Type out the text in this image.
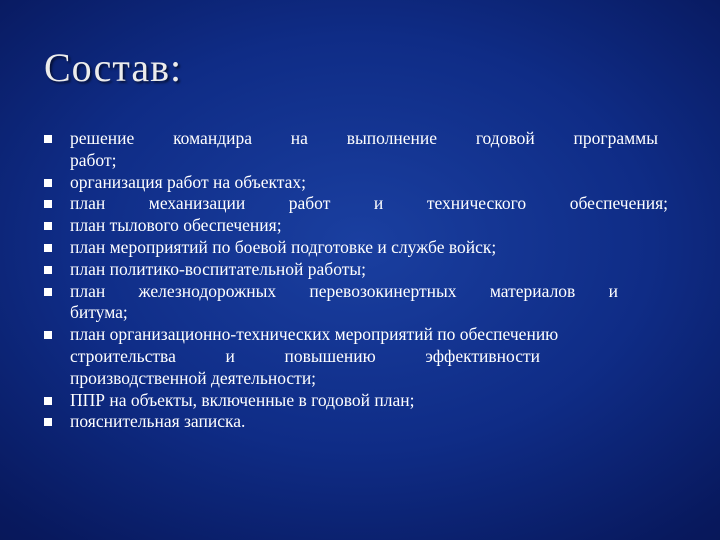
Состав:
решение командира на выполнение годовой программы
работ;
организация работ на объектах;
план механизации работ и технического обеспечения;
план тылового обеспечения;
план мероприятий по боевой подготовке и службе войск;
план политико-воспитательной работы;
план железнодорожных перевозокинертных материалов и
битума;
план организационно-технических мероприятий по обеспечению
строительства и повышению эффективности
производственной деятельности;
ППР на объекты, включенные в годовой план;
пояснительная записка.
